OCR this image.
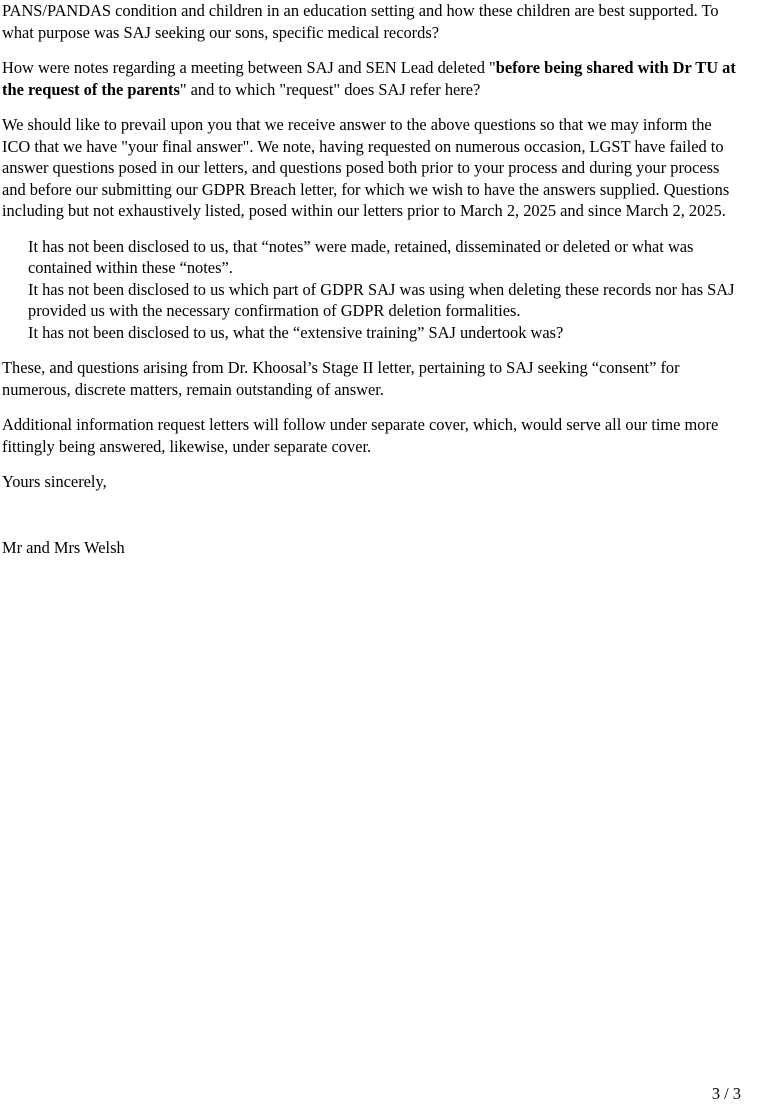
PANS/PANDAS condition and children in an education setting and how these children are best supported. To what purpose was SAJ seeking our sons, specific medical records?

How were notes regarding a meeting between SAJ and SEN Lead deleted "before being shared with Dr TU at the request of the parents" and to which "request" does SAJ refer here?

We should like to prevail upon you that we receive answer to the above questions so that we may inform the ICO that we have "your final answer". We note, having requested on numerous occasion, LGST have failed to answer questions posed in our letters, and questions posed both prior to your process and during your process and before our submitting our GDPR Breach letter, for which we wish to have the answers supplied. Questions including but not exhaustively listed, posed within our letters prior to March 2, 2025 and since March 2, 2025.

It has not been disclosed to us, that “notes” were made, retained, disseminated or deleted or what was contained within these “notes”.
It has not been disclosed to us which part of GDPR SAJ was using when deleting these records nor has SAJ provided us with the necessary confirmation of GDPR deletion formalities.
It has not been disclosed to us, what the “extensive training” SAJ undertook was?

These, and questions arising from Dr. Khoosal’s Stage II letter, pertaining to SAJ seeking “consent” for numerous, discrete matters, remain outstanding of answer.

Additional information request letters will follow under separate cover, which, would serve all our time more fittingly being answered, likewise, under separate cover.

Yours sincerely,

Mr and Mrs Welsh

3 / 3
